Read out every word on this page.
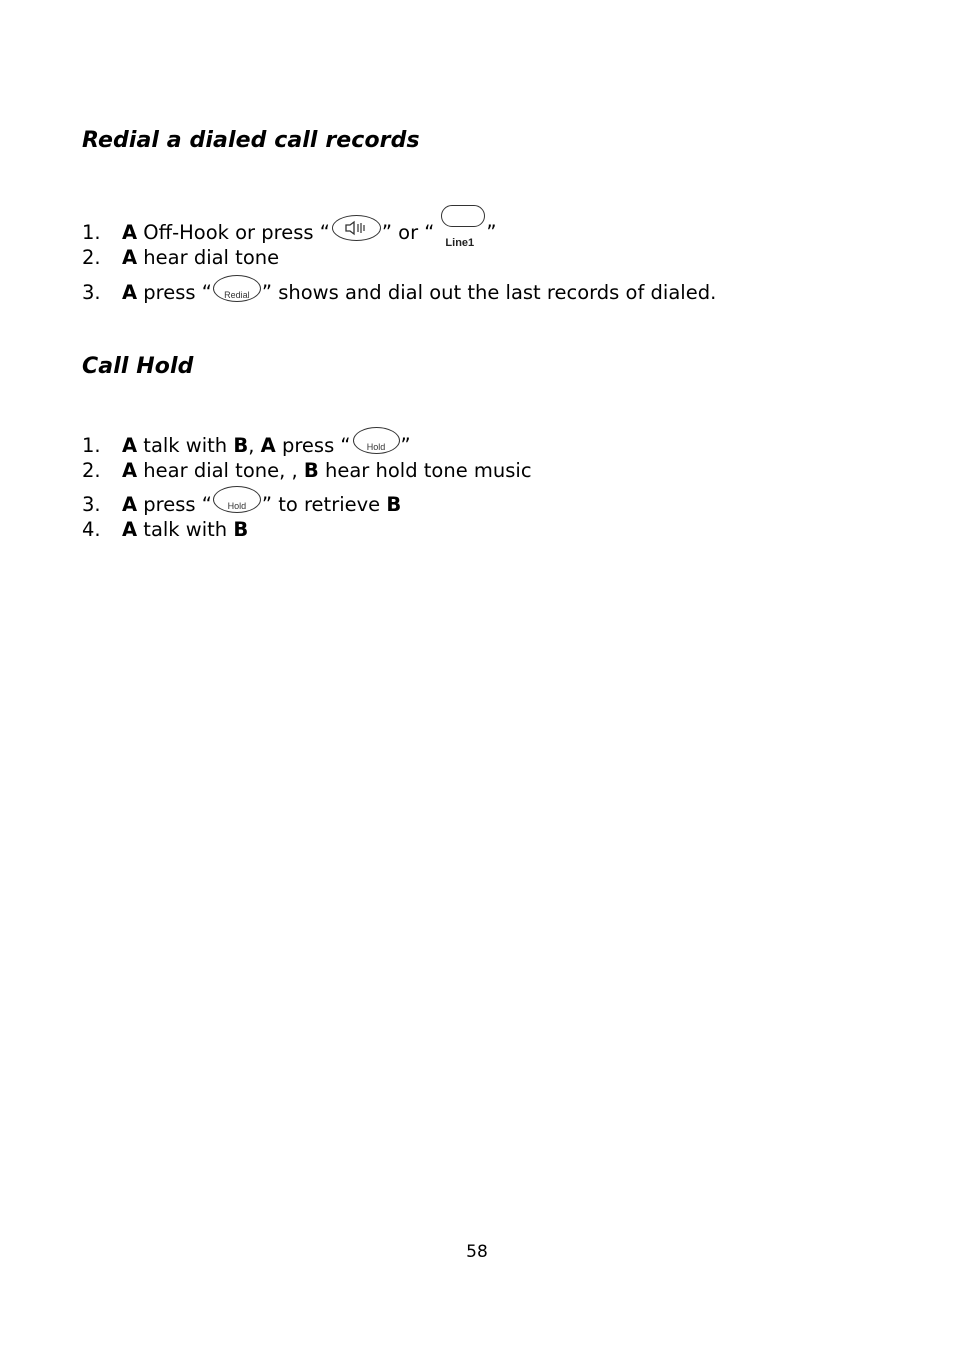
Redial a dialed call records
1. A Off-Hook or press “	” or “ Line1 ”
2. A hear dial tone
3. A press “	Redial ” shows and dial out the last records of dialed.
Call Hold
1. A talk with B, A press “	Hold ”
2. A hear dial tone, , B hear hold tone music
3. A press “	Hold ” to retrieve B
4. A talk with B
58
